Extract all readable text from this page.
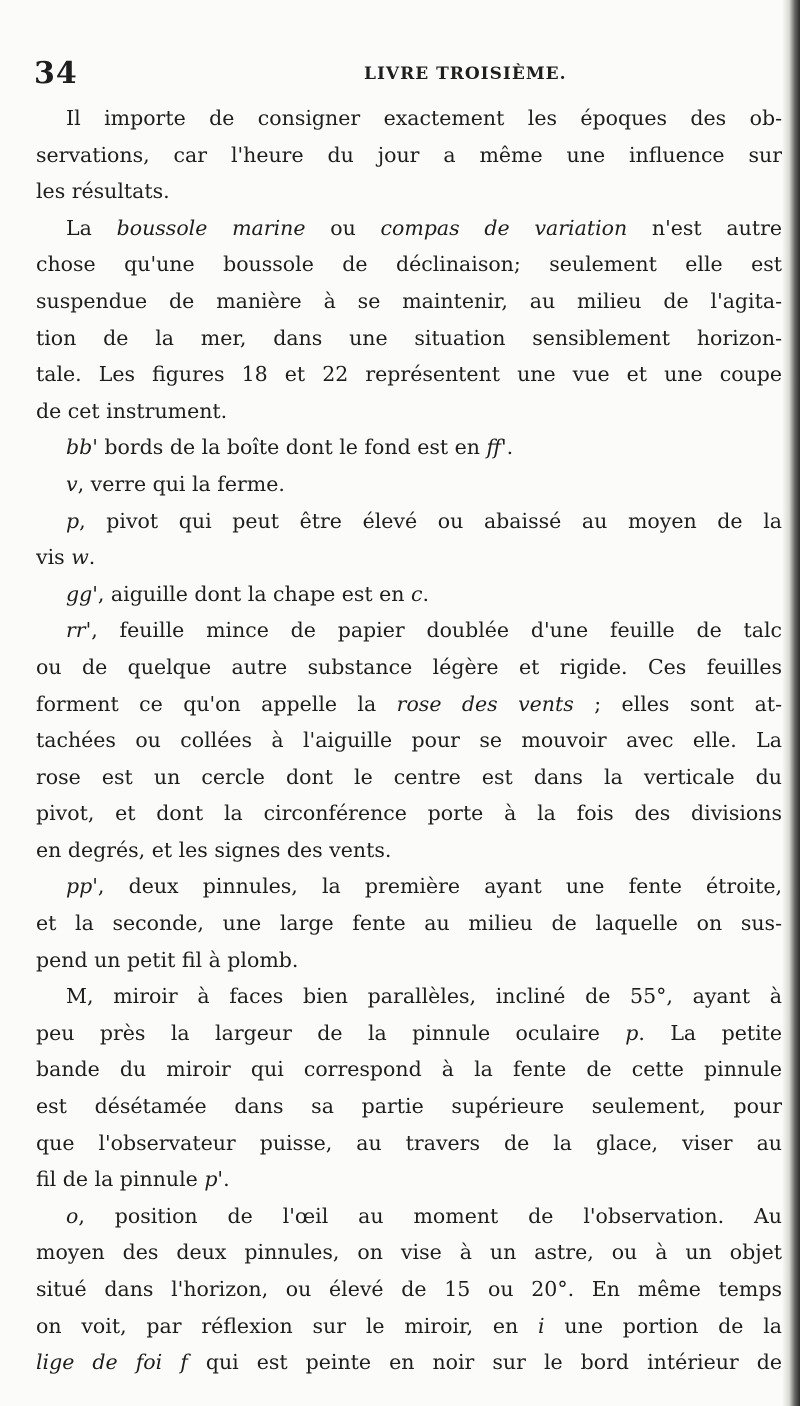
34	LIVRE TROISIÈME.
Il importe de consigner exactement les époques des ob-
servations, car l'heure du jour a même une influence sur
les résultats.
La boussole marine ou compas de variation n'est autre
chose qu'une boussole de déclinaison; seulement elle est
suspendue de manière à se maintenir, au milieu de l'agita-
tion de la mer, dans une situation sensiblement horizon-
tale. Les figures 18 et 22 représentent une vue et une coupe
de cet instrument.
bb' bords de la boîte dont le fond est en ff'.
v, verre qui la ferme.
p, pivot qui peut être élevé ou abaissé au moyen de la
vis w.
gg', aiguille dont la chape est en c.
rr', feuille mince de papier doublée d'une feuille de talc
ou de quelque autre substance légère et rigide. Ces feuilles
forment ce qu'on appelle la rose des vents ; elles sont at-
tachées ou collées à l'aiguille pour se mouvoir avec elle. La
rose est un cercle dont le centre est dans la verticale du
pivot, et dont la circonférence porte à la fois des divisions
en degrés, et les signes des vents.
pp', deux pinnules, la première ayant une fente étroite,
et la seconde, une large fente au milieu de laquelle on sus-
pend un petit fil à plomb.
M, miroir à faces bien parallèles, incliné de 55°, ayant à
peu près la largeur de la pinnule oculaire p. La petite
bande du miroir qui correspond à la fente de cette pinnule
est désétamée dans sa partie supérieure seulement, pour
que l'observateur puisse, au travers de la glace, viser au
fil de la pinnule p'.
o, position de l'œil au moment de l'observation. Au
moyen des deux pinnules, on vise à un astre, ou à un objet
situé dans l'horizon, ou élevé de 15 ou 20°. En même temps
on voit, par réflexion sur le miroir, en i une portion de la
lige de foi f qui est peinte en noir sur le bord intérieur de
